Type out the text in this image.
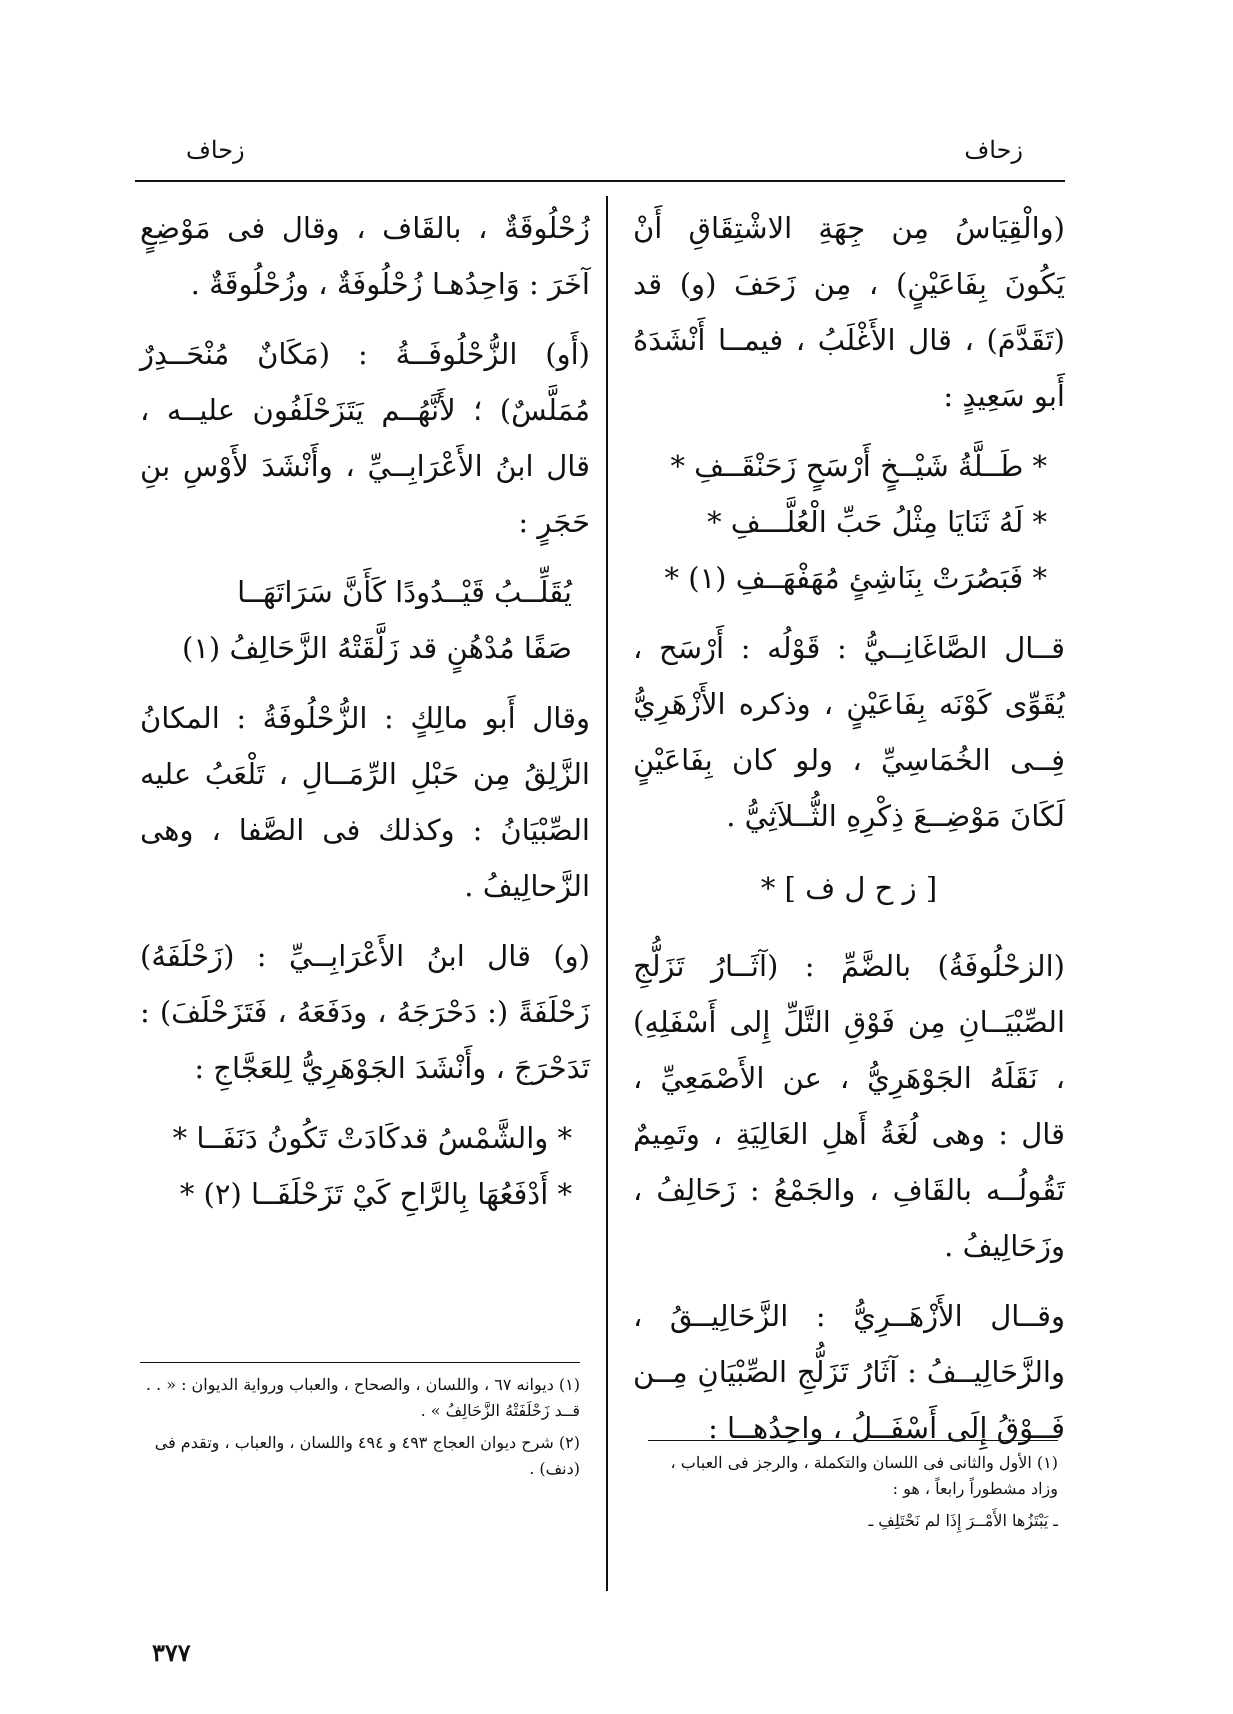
زحاف
زحاف

(والْقِيَاسُ مِن جِهَةِ الاشْتِقَاقِ أَنْ يَكُونَ بِفَاعَيْنٍ) ، مِن زَحَفَ (و) قد (تَقَدَّمَ) ، قال الأَغْلَبُ ، فيمــا أَنْشَدَهُ أَبو سَعِيدٍ :

* طَــلَّةُ شَيْــخٍ أَرْسَحٍ زَحَنْقَــفِ *
* لَهُ ثَنَايَا مِثْلُ حَبِّ الْعُلَّـــفِ *
* فَبَصُرَتْ بِنَاشِئٍ مُهَفْهَــفِ (١) *

قــال الصَّاغَانِــيُّ : قَوْلُه : أَرْسَح ، يُقَوِّى كَوْنَه بِفَاعَيْنٍ ، وذكره الأَزْهَرِيُّ فِــى الخُمَاسِيِّ ، ولو كان بِفَاعَيْنٍ لَكَانَ مَوْضِــعَ ذِكْرِهِ الثُّــلاَثِيُّ .

[ ز ح ل ف ] *

(الزحْلُوفَةُ) بالضَّمِّ : (آثَــارُ تَزَلُّجِ الصِّبْيَــانِ مِن فَوْقِ التَّلِّ إِلى أَسْفَلِهِ) ، نَقَلَهُ الجَوْهَرِيُّ ، عن الأَصْمَعِيِّ ، قال : وهى لُغَةُ أَهلِ العَالِيَةِ ، وتَمِيمٌ تَقُولُــه بالقَافِ ، والجَمْعُ : زَحَالِفُ ، وزَحَالِيفُ .

وقــال الأَزْهَــرِيُّ : الزَّحَالِيــقُ ، والزَّحَالِيــفُ : آثَارُ تَزَلُّجِ الصِّبْيَانِ مِــن فَــوْقُ إِلَى أَسْفَــلُ ، واحِدُهــا :

زُحْلُوقَةٌ ، بالقَاف ، وقال فى مَوْضِعٍ آخَرَ : وَاحِدُهـا زُحْلُوفَةٌ ، وزُحْلُوقَةٌ .

(أَو) الزُّحْلُوفَــةُ : (مَكَانٌ مُنْحَــدِرٌ مُمَلَّسٌ) ؛ لأَنَّهُــم يَتَزَحْلَفُون عليــه ، قال ابنُ الأَعْرَابِــيِّ ، وأَنْشَدَ لأَوْسِ بنِ حَجَرٍ :

يُقَلِّــبُ قَيْــدُودًا كَأَنَّ سَرَاتَهَــا
صَفًا مُدْهُنٍ قد زَلَّقَتْهُ الزَّحَالِفُ (١)

وقال أَبو مالِكٍ : الزُّحْلُوفَةُ : المكانُ الزَّلِقُ مِن حَبْلِ الرِّمَــالِ ، تَلْعَبُ عليه الصِّبْيَانُ : وكذلك فى الصَّفا ، وهى الزَّحالِيفُ .

(و) قال ابنُ الأَعْرَابِــيِّ : (زَحْلَفَهُ) زَحْلَفَةً (: دَحْرَجَهُ ، ودَفَعَهُ ، فَتَزَحْلَفَ) : تَدَحْرَجَ ، وأَنْشَدَ الجَوْهَرِيُّ لِلعَجَّاجِ :

* والشَّمْسُ قدكَادَتْ تَكُونُ دَنَفَــا *
* أَدْفَعُهَا بِالرَّاحِ كَيْ تَزَحْلَفَــا (٢) *

(١) الأول والثانى فى اللسان والتكملة ، والرجز فى العباب ، وزاد مشطوراً رابعاً ، هو :

ـ يَبْتَزُها الأَمْــرَ إِذَا لم نَحْتَلِفِ ـ

(١) ديوانه ٦٧ ، واللسان ، والصحاح ، والعباب ورواية الديوان : « . . قــد زَحْلَفَتْهُ الزَّحَالِفُ » .

(٢) شرح ديوان العجاج ٤٩٣ و ٤٩٤ واللسان ، والعباب ، وتقدم فى (دنف) .

٣٧٧
